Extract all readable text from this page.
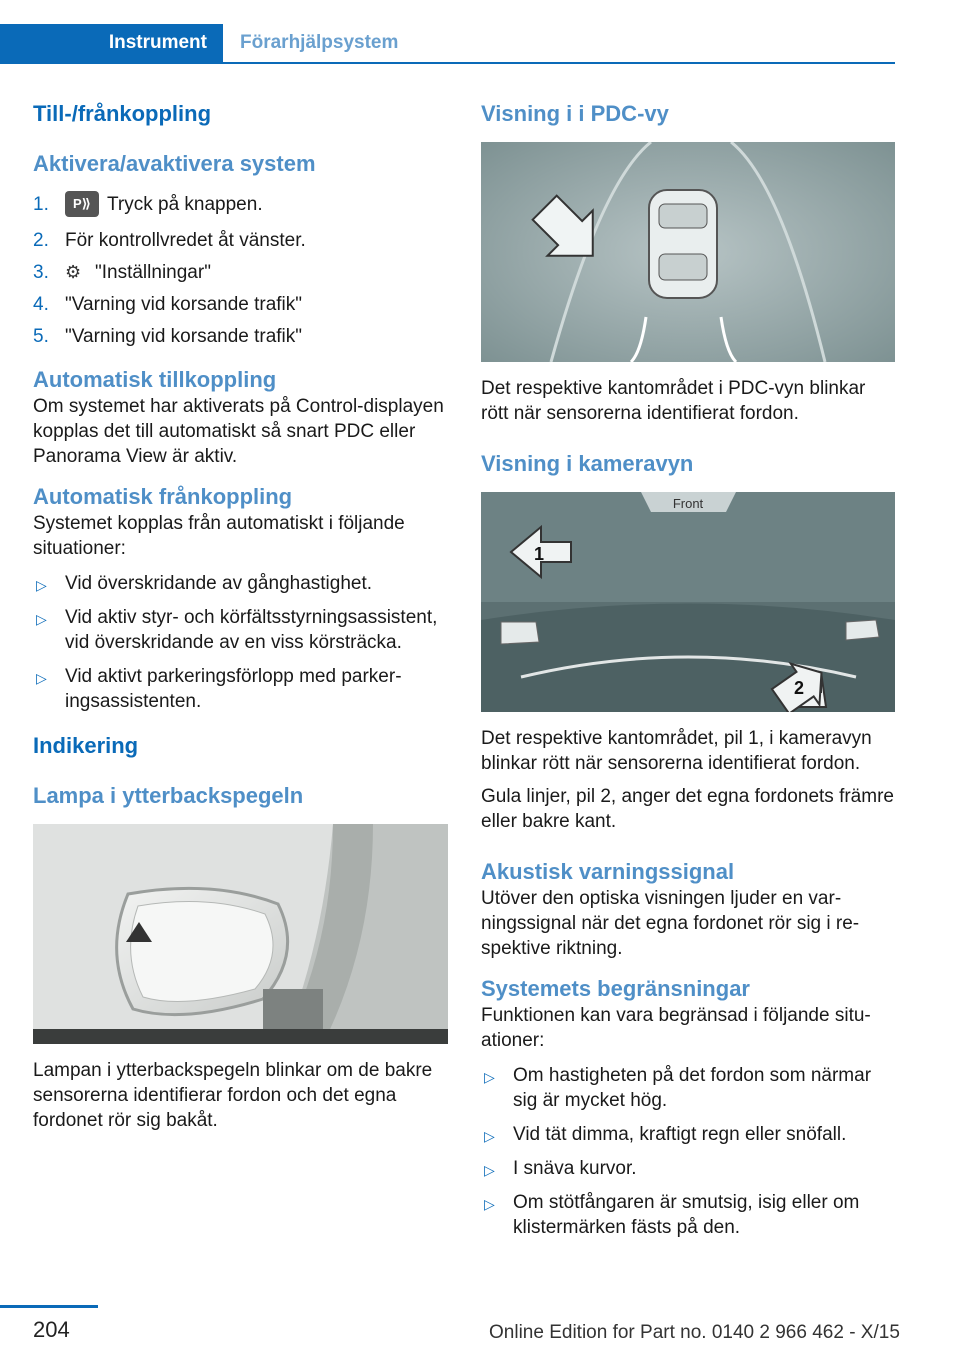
Instrument	Förarhjälpsystem
Till-/frånkoppling
Aktivera/avaktivera system
1.	P⟫ Tryck på knappen.
2. För kontrollvredet åt vänster.
3. ⚙ "Inställningar"
4. "Varning vid korsande trafik"
5. "Varning vid korsande trafik"
Automatisk tillkoppling

Om systemet har aktiverats på Control-displayen kopplas det till automatiskt så snart PDC eller Panorama View är aktiv.

Automatisk frånkoppling

Systemet kopplas från automatiskt i följande situationer:

▷ Vid överskridande av gånghastighet.
▷ Vid aktiv styr- och körfältsstyrningsassistent, vid överskridande av en viss körsträcka.
▷ Vid aktivt parkeringsförlopp med parkeringsassistenten.
Indikering
Lampa i ytterbackspegeln

Lampan i ytterbackspegeln blinkar om de bakre sensorerna identifierar fordon och det egna fordonet rör sig bakåt.

Visning i i PDC-vy

Det respektive kantområdet i PDC-vyn blinkar rött när sensorerna identifierat fordon.

Visning i kameravyn
Front
1
2

Det respektive kantområdet, pil 1, i kameravyn blinkar rött när sensorerna identifierat fordon.

Gula linjer, pil 2, anger det egna fordonets främre eller bakre kant.

Akustisk varningssignal

Utöver den optiska visningen ljuder en varningssignal när det egna fordonet rör sig i respektive riktning.

Systemets begränsningar

Funktionen kan vara begränsad i följande situationer:

▷ Om hastigheten på det fordon som närmar sig är mycket hög.
▷ Vid tät dimma, kraftigt regn eller snöfall.
▷ I snäva kurvor.
▷ Om stötfångaren är smutsig, isig eller om klistermärken fästs på den.
204	Online Edition for Part no. 0140 2 966 462 - X/15
